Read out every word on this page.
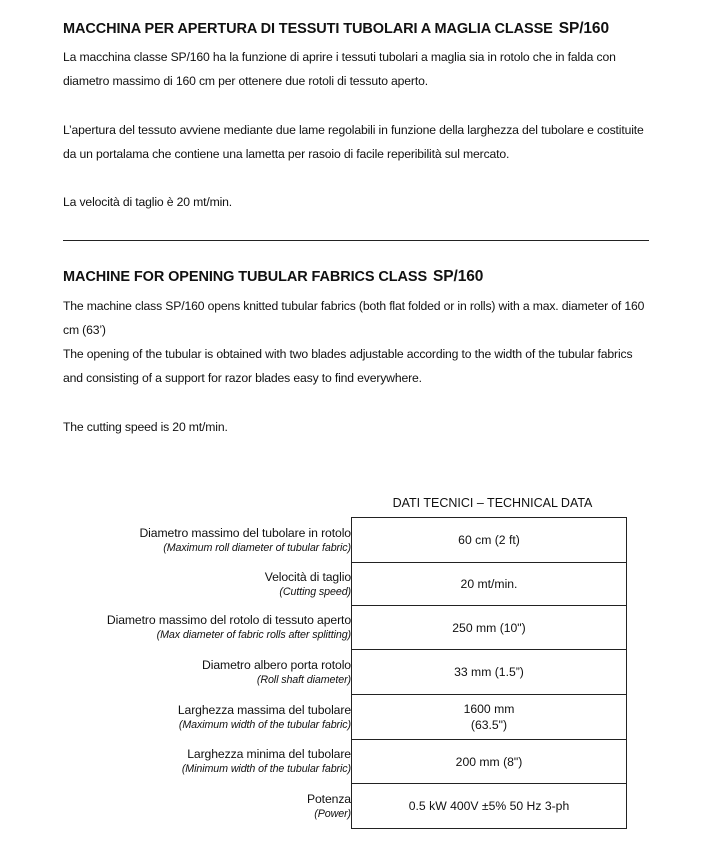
MACCHINA PER APERTURA DI TESSUTI TUBOLARI A MAGLIA CLASSE SP/160

La macchina classe SP/160 ha la funzione di aprire i tessuti tubolari a maglia sia in rotolo che in falda con diametro massimo di 160 cm per ottenere due rotoli di tessuto aperto.

L’apertura del tessuto avviene mediante due lame regolabili in funzione della larghezza del tubolare e costituite da un portalama che contiene una lametta per rasoio di facile reperibilità sul mercato.

La velocità di taglio è 20 mt/min.

MACHINE FOR OPENING TUBULAR FABRICS CLASS SP/160

The machine class SP/160 opens knitted tubular fabrics (both flat folded or in rolls) with a max. diameter of 160 cm (63’)

The opening of the tubular is obtained with two blades adjustable according to the width of the tubular fabrics and consisting of a support for razor blades easy to find everywhere.

The cutting speed is 20 mt/min.

DATI TECNICI – TECHNICAL DATA
Diametro massimo del tubolare in rotolo
(Maximum roll diameter of tubular fabric)	60 cm (2 ft)

Velocità di taglio
(Cutting speed)	20 mt/min.

Diametro massimo del rotolo di tessuto aperto
(Max diameter of fabric rolls after splitting)	250 mm (10")

Diametro albero porta rotolo
(Roll shaft diameter)	33 mm (1.5”)

Larghezza massima del tubolare
(Maximum width of the tubular fabric)	1600 mm
(63.5")

Larghezza minima del tubolare
(Minimum width of the tubular fabric)	200 mm (8")

Potenza
(Power)	0.5 kW 400V ±5% 50 Hz 3-ph
